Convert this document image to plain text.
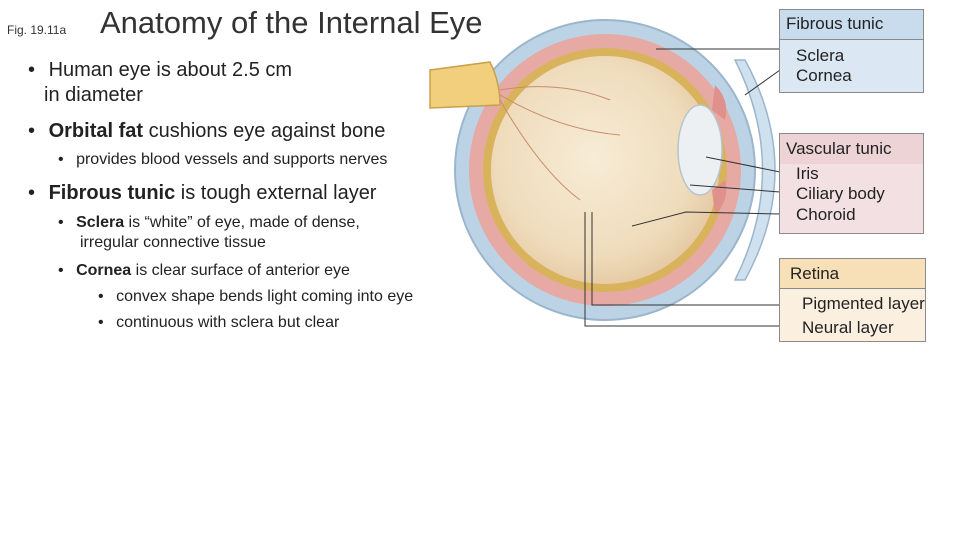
Fig. 19.11a Anatomy of the Internal Eye
• Human eye is about 2.5 cm
in diameter
• Orbital fat cushions eye against bone
• provides blood vessels and supports nerves
• Fibrous tunic is tough external layer
• Sclera is “white” of eye, made of dense,
irregular connective tissue
• Cornea is clear surface of anterior eye
• convex shape bends light coming into eye
• continuous with sclera but clear
Fibrous tunic
Sclera
Cornea
Vascular tunic
Iris
Ciliary body
Choroid
Retina
Pigmented layer
Neural layer
